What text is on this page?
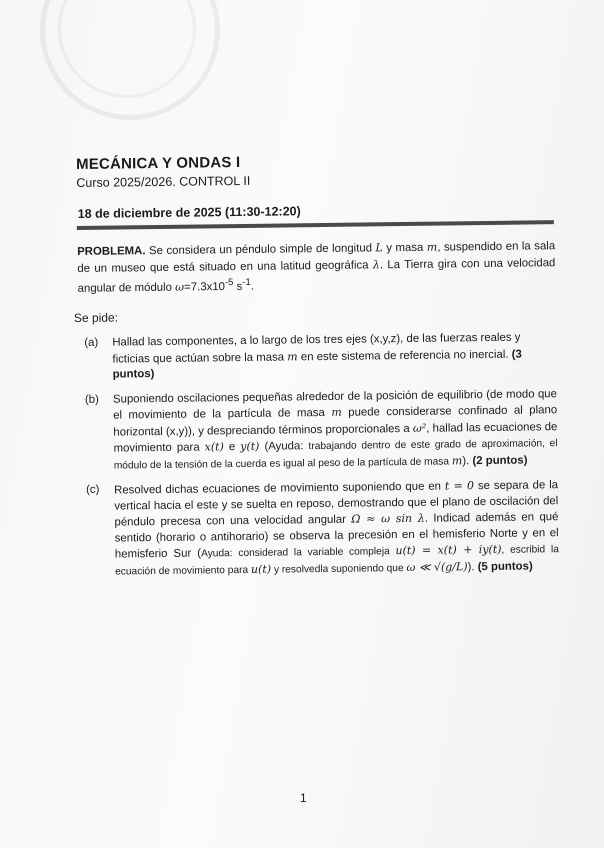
MECÁNICA Y ONDAS I

Curso 2025/2026. CONTROL II

18 de diciembre de 2025 (11:30-12:20)

PROBLEMA. Se considera un péndulo simple de longitud L y masa m, suspendido en la sala de un museo que está situado en una latitud geográfica λ. La Tierra gira con una velocidad angular de módulo $\omega=7.3x10^{-5}$ $s^{-1}$.

Se pide:

(a) Hallad las componentes, a lo largo de los tres ejes (x,y,z), de las fuerzas reales y ficticias que actúan sobre la masa m en este sistema de referencia no inercial. (3 puntos)
(b) Suponiendo oscilaciones pequeñas alrededor de la posición de equilibrio (de modo que el movimiento de la partícula de masa m puede considerarse confinado al plano horizontal (x,y)), y despreciando términos proporcionales a ω², hallad las ecuaciones de movimiento para x(t) e y(t) (Ayuda: trabajando dentro de este grado de aproximación, el módulo de la tensión de la cuerda es igual al peso de la partícula de masa m). (2 puntos)
(c) Resolved dichas ecuaciones de movimiento suponiendo que en t = 0 se separa de la vertical hacia el este y se suelta en reposo, demostrando que el plano de oscilación del péndulo precesa con una velocidad angular Ω ≈ ω sin λ. Indicad además en qué sentido (horario o antihorario) se observa la precesión en el hemisferio Norte y en el hemisferio Sur (Ayuda: considerad la variable compleja u(t) = x(t) + iy(t), escribid la ecuación de movimiento para u(t) y resolvedla suponiendo que ω ≪ √(g/L)). (5 puntos)
1
